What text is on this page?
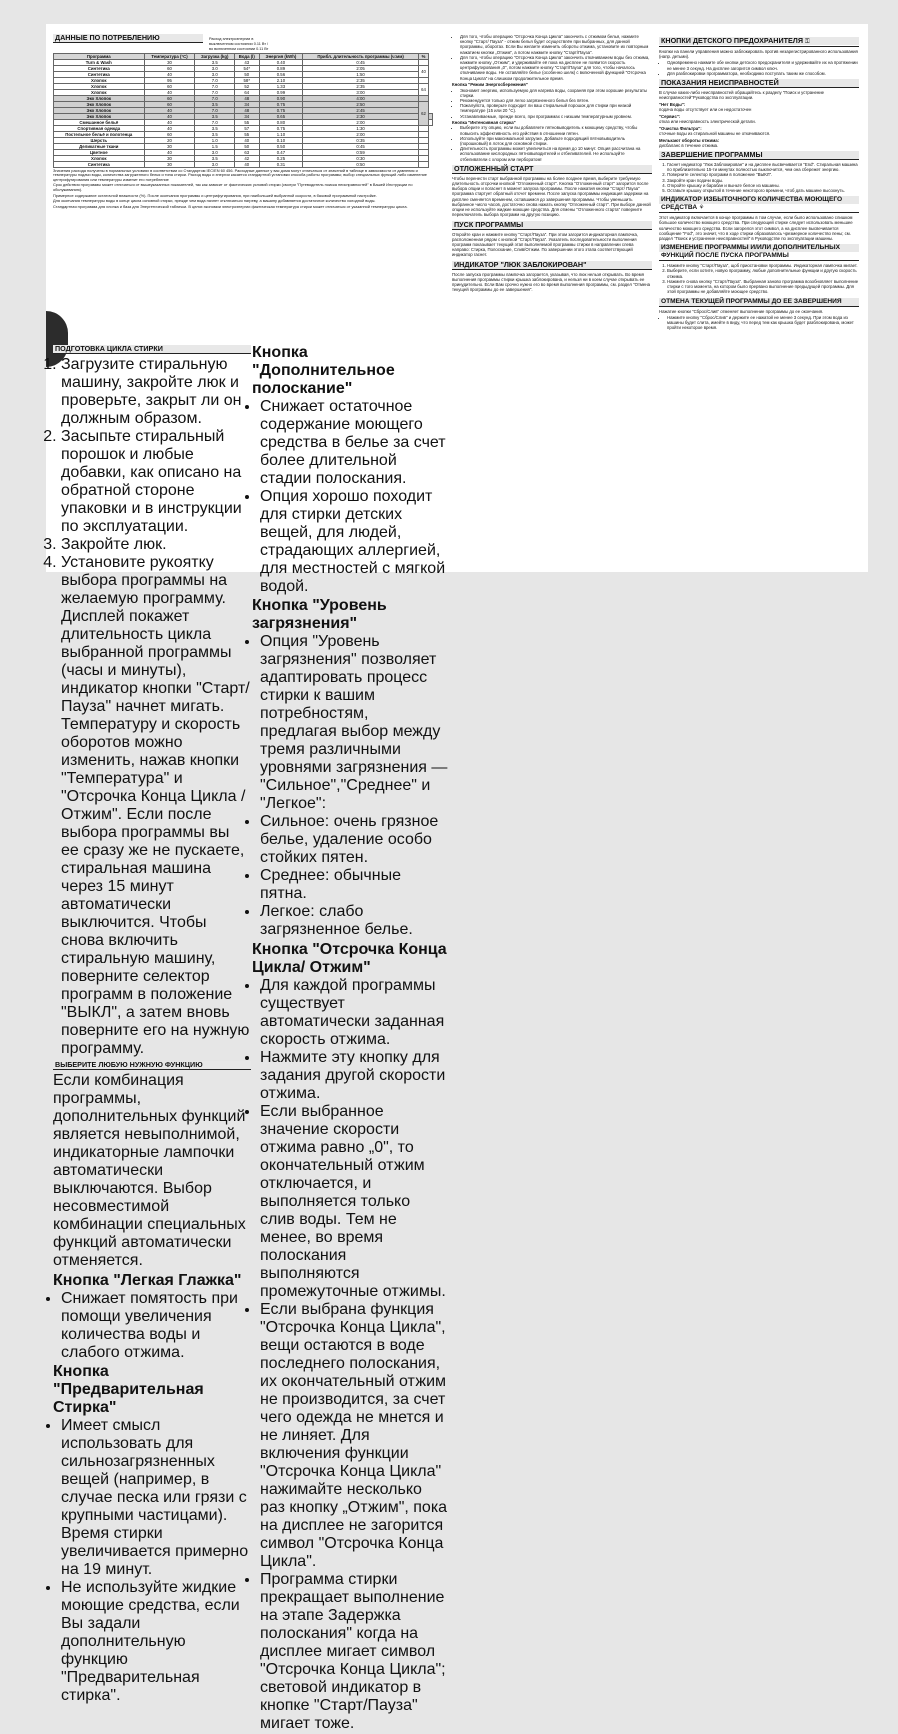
ДАННЫЕ ПО ПОТРЕБЛЕНИЮ	Расход электроэнергии в выключенном состоянии 0.11 Вт / во включенном состоянии 0.11 Вт
Программа	Температура (°C)	Загрузка (kg)	Вода (l)	Энергия (kWh)	Прибл. длительность программы (ч:мм)	%	
Turn & Wash	30	3.5	43	0.40	0:45		
Синтетика	60	3.0	54*	0.89	2:05	40	
Синтетика	40	3.0	50	0.56	1:50		
Хлопок	95	7.0	58*	2.10	2:35		
Хлопок	60	7.0	52	1.33	2:35	64	
Хлопок	40	7.0	64	0.99	3:00		
Эко Хлопок	60	7.0	48	0.90	4:00		
Эко Хлопок	60	3.5	34	0.75	2:50	62	
Эко Хлопок	40	7.0	48	0.75	2:45		
Эко Хлопок	40	3.5	34	0.65	2:30		
Смешанное бельё	40	7.0	55	0.80	2:00		
Спортивная одежда	40	3.5	57	0.75	1:30		
Постельное бельё и полотенца	60	3.5	55	1.10	2:00		
Шерсть	20	1.0	40	0.10	0:35		
Деликатные ткани	30	1.5	50	0.50	0:45		
Цветное	40	3.0	63	0.47	0:59		
Хлопок	30	3.5	42	0.25	0:30		
Синтетика	30	3.0	40	0.31	0:50		

Значения расхода получены в нормальных условиях в соответствии со Стандартом IEC/EN 60 456. Расходные данные у вас дома могут отличаться от значений в таблице в зависимости от давления и температуры подачи воды, количества загруженного белья и типа стирки. Расход воды и энергии касается стандартной установки способа работы программы; выбор специальных функций либо изменение центрифугирования или температуры изменит его потребление

Срок действия программы может отличаться от вышеуказанных показателей, так как зависит от фактических условий стирки (смотри "Путеводитель поиска неисправностей" в Вашей Инструкции по обслуживанию).

Примерное содержание остаточной влажности (%). После окончания программы и центрифугирования, при наибольшей выбранной скорости, в базовой программной настройке.

Для окончания температуры воды в конце цикла основной стирки, прежде чем вода начнет отключаться нагреву, а машину добавляется достаточное количество холодной воды.

Стандартная программа для хлопка и база для Энергетической таблички. В целях экономии электроэнергии фактическая температура стирки может отличаться от указанной температуры цикла.

ПОДГОТОВКА ЦИКЛА СТИРКИ
1. Загрузите стиральную машину, закройте люк и проверьте, закрыт ли он должным образом.
2. Засыпьте стиральный порошок и любые добавки, как описано на обратной стороне упаковки и в инструкции по эксплуатации.
3. Закройте люк.
4. Установите рукоятку выбора программы на желаемую программу. Дисплей покажет длительность цикла выбранной программы (часы и минуты), индикатор кнопки "Старт/Пауза" начнет мигать. Температуру и скорость оборотов можно изменить, нажав кнопки "Температура" и "Отсрочка Конца Цикла /Отжим". Если после выбора программы вы ее сразу же не пускаете, стиральная машина через 15 минут автоматически выключится. Чтобы снова включить стиральную машину, поверните селектор программ в положение "ВЫКЛ", а затем вновь поверните его на нужную программу.
ВЫБЕРИТЕ ЛЮБУЮ НУЖНУЮ ФУНКЦИЮ

Если комбинация программы, дополнительных функций является невыполнимой, индикаторные лампочки автоматически выключаются. Выбор несовместимой комбинации специальных функций автоматически отменяется.

Кнопка "Легкая Глажка"
• Снижает помятость при помощи увеличения количества воды и слабого отжима.
Кнопка "Предварительная Стирка"
• Имеет смысл использовать для сильнозагрязненных вещей (например, в случае песка или грязи с крупными частицами). Время стирки увеличивается примерно на 19 минут.
• Не используйте жидкие моющие средства, если Вы задали дополнительную функцию "Предварительная стирка".
Кнопка "Дополнительное полоскание"
• Снижает остаточное содержание моющего средства в белье за счет более длительной стадии полоскания.
• Опция хорошо походит для стирки детских вещей, для людей, страдающих аллергией, для местностей с мягкой водой.
Кнопка "Уровень загрязнения"
• Опция "Уровень загрязнения" позволяет адаптировать процесс стирки к вашим потребностям, предлагая выбор между тремя различными уровнями загрязнения — "Сильное","Среднее" и "Легкое":
• Сильное: очень грязное белье, удаление особо стойких пятен.
• Среднее: обычные пятна.
• Легкое: слабо загрязненное белье.
Кнопка "Отсрочка Конца Цикла/ Отжим"
• Для каждой программы существует автоматически заданная скорость отжима.
• Нажмите эту кнопку для задания другой скорости отжима.
• Если выбранное значение скорости отжима равно „0", то окончательный отжим отключается, и выполняется только слив воды. Тем не менее, во время полоскания выполняются промежуточные отжимы.
• Если выбрана функция "Отсрочка Конца Цикла", вещи остаются в воде последнего полоскания, их окончательный отжим не производится, за счет чего одежда не мнется и не линяет. Для включения функции "Отсрочка Конца Цикла" нажимайте несколько раз кнопку „Отжим", пока на дисплее не загорится символ "Отсрочка Конца Цикла".
• Программа стирки прекращает выполнение на этапе Задержка полоскания" когда на дисплее мигает символ "Отсрочка Конца Цикла"; световой индикатор в кнопке "Старт/Пауза" мигает тоже.
• Для того, чтобы операцию "Отсрочка Конца Цикла" закончить с отжимом белья, нажмите кнопку "Старт/ Пауза" - отжим белья будет осуществлён при выбранных, для данной программы, оборотах. Если Вы желаете изменить обороты отжима, установите их повторным нажатием кнопки „Отжим", а потом нажмите кнопку "Старт/Пауза".
• Для того, чтобы операцию "Отсрочка Конца Цикла" закончить откачиванием воды без отжима, нажмите кнопку „Отжим", и удерживайте её пока на дисплее не появится скорость центрифугирования „0", потом нажмите кнопку "Старт/Пауза" для того, чтобы началось откачивание воды. Не оставляйте белье (особенно шелк) с включенной функцией "Отсрочка Конца Цикла" на слишком продолжительное время.
Кнопка "Режим Энергосбережения"
• Экономит энергию, используемую для нагрева воды, сохраняя при этом хорошие результаты стирки.
• Рекомендуется только для легко загрязненного белья без пятен.
• Пожалуйста, проверьте подходит ли ваш стиральный порошок для стирки при низкой температуре (15 или 20 °C).
• Устанавливаемые, прежде всего, при программах с низшим температурным уровнем.
Кнопка "Интенсивная стирка"
• Выберите эту опцию, если вы добавляете пятновыводитель к моющему средству, чтобы повысить эффективность его действия в отношении пятен.
• Используйте при максимальной загрузке. Добавьте подходящий пятновыводитель (порошковый) в лоток для основной стирки.
• Длительность программы может увеличиться на время до 10 минут. Опция рассчитана на использование кислородных пятновыводителей и отбеливателей. Не используйте отбеливатели с хлором или перборатом!
ОТЛОЖЕННЫЙ СТАРТ

Чтобы перенести старт выбранной программы на более позднее время, выберите требуемую длительность отсрочки кнопкой "Отложенный старт". Кнопка "Отложенный старт" загорится после выбора опции и погаснет в момент запуска программы. После нажатия кнопки "Старт/ Пауза" программа стартует обратный отсчет времени. После запуска программы индикация задержки на дисплее сменяется временем, оставшимся до завершения программы. Чтобы уменьшить выбранное число часов, достаточно снова нажать кнопку "Отложенный старт". При выборе данной опции не используйте жидкие моющие средства. Для отмены "Отложенного старта" поверните переключатель выбора программ на другую позицию.

ПУСК ПРОГРАММЫ

Откройте кран и нажмите кнопку "Старт/Пауза". При этом загорится индикаторная лампочка, расположенная рядом с кнопкой "Старт/Пауза". Указатель последовательности выполнения программ показывает текущий этап выполняемой программы стирки в направлении слева направо: Стирка, Полоскание, Слив/Отжим. По завершении этого этапа соответствующий индикатор гаснет.

ИНДИКАТОР "ЛЮК ЗАБЛОКИРОВАН"

После запуска программы лампочка загорается, указывая, что люк нельзя открывать. Во время выполнения программы стирки крышка заблокирована, и нельзя ни в коем случае открывать ее принудительно. Если Вам срочно нужно его во время выполнения программы, см. раздел "Отмена текущей программы до ее завершения".

КНОПКИ ДЕТСКОГО ПРЕДОХРАНИТЕЛЯ ⚿

Кнопки на панели управления можно заблокировать против незарегистрированного использования (напр. детьми).

• Одновременно нажмите обе кнопки детского предохранителя и удерживайте их на протяжении не менее 3 секунд. На дисплее загорится символ ключ.
• Для разблокировки программатора, необходимо поступать таким же способом.
ПОКАЗАНИЯ НЕИСПРАВНОСТЕЙ

В случае каких-либо неисправностей обращайтесь к разделу "Поиск и устранение неисправностей"Руководства по эксплуатации.

"Нет Воды":

подача воды отсутствует или он недостаточен

"Сервис":

отказ или неисправность электрической детали.

"Очистка Фильтра":

сточные воды из стиральной машины не откачиваются.

Мелькают обороты отжима:

дисбаланс в течение отжима.

ЗАВЕРШЕНИЕ ПРОГРАММЫ
1. Гаснет индикатор "Люк Заблокирован" и на дисплее высвечивается "End". Стиральная машина по приблизительно 15-ти минутах полностью выключится, чем она сбережет энергию.
2. Поверните селектор программ в положение "ВЫКЛ".
3. Закройте кран подачи воды.
4. Откройте крышку и барабан и выньте белое из машины.
5. Оставьте крышку открытой в течение некоторого времени, чтоб дать машине высохнуть.
ИНДИКАТОР ИЗБЫТОЧНОГО КОЛИЧЕСТВА МОЮЩЕГО СРЕДСТВА ⚘

Этот индикатор включается в конце программы в том случае, если было использовано слишком большое количество моющего средства. При следующей стирке следует использовать меньшее количество моющего средства. Если загорелся этот символ, а на дисплее высвечивается сообщение "Fod", это значит, что в ходе стирки образовалось чрезмерное количество пены; см. раздел "Поиск и устранение неисправностей" в Руководстве по эксплуатации машины.

ИЗМЕНЕНИЕ ПРОГРАММЫ И/ИЛИ ДОПОЛНИТЕЛЬНЫХ ФУНКЦИЙ ПОСЛЕ ПУСКА ПРОГРАММЫ
1. Нажмите кнопку "Старт/Пауза", щоб приостановки программы. Индикаторная лампочка мигает.
2. Выберите, если хотите, новую программу, любые дополнительные функции и другую скорость отжима.
3. Нажмите снова кнопку "Старт/Пауза". Выбранная заново программа возобновляет выполнение стирки с того момента, на котором было прервано выполнение предыдущей программы. Для этой программы не добавляйте моющее средство.
ОТМЕНА ТЕКУЩЕЙ ПРОГРАММЫ ДО ЕЕ ЗАВЕРШЕНИЯ

Нажатие кнопки "Сброс/Слив" отменяет выполнение программы до ее окончания.

• Нажмите кнопку "Сброс/Слив" и держите ее нажатой не менее 3 секунд. При этом вода из машины будет слита, имейте в виду, что перед тем как крышка будет разблокирована, может пройти некоторое время.
